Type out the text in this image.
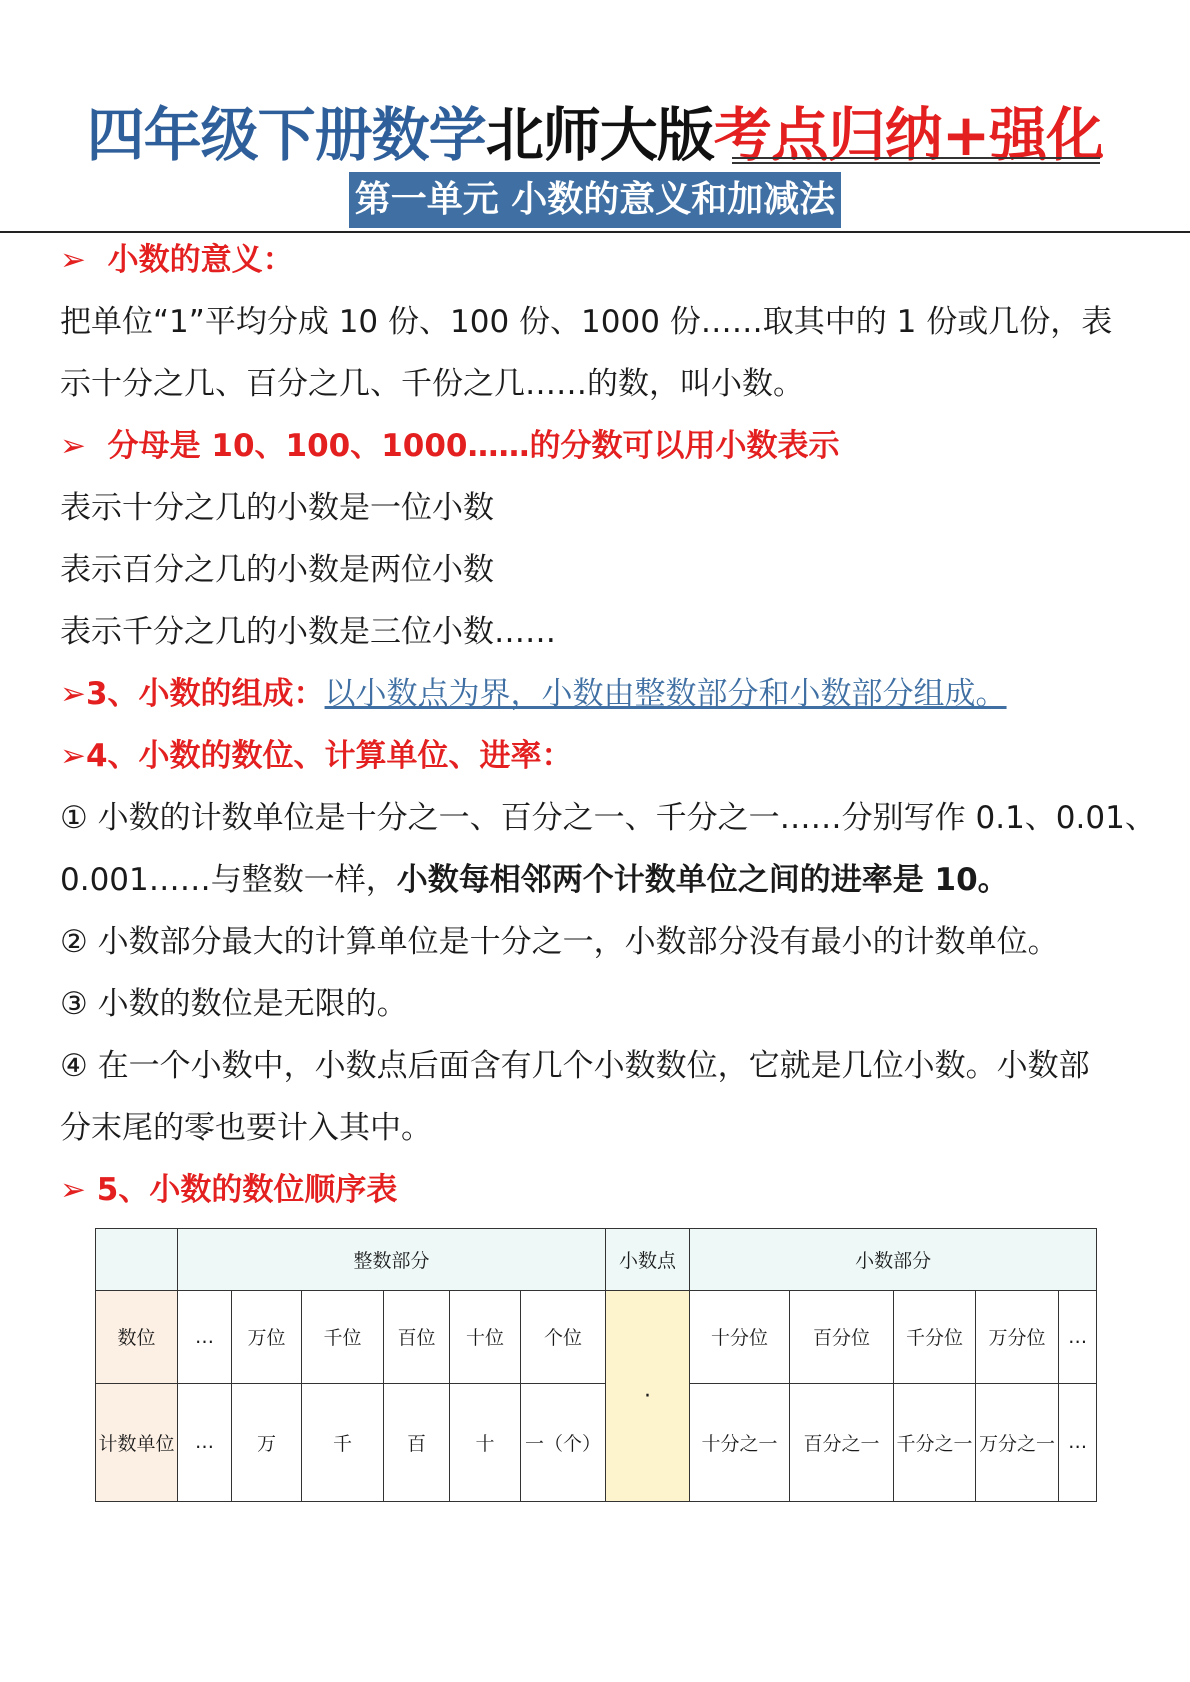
四年级下册数学北师大版考点归纳+强化
第一单元 小数的意义和加减法
➢ 小数的意义：
把单位“1”平均分成 10 份、100 份、1000 份……取其中的 1 份或几份，表
示十分之几、百分之几、千份之几……的数，叫小数。
➢ 分母是 10、100、1000……的分数可以用小数表示
表示十分之几的小数是一位小数
表示百分之几的小数是两位小数
表示千分之几的小数是三位小数……
➢3、小数的组成：以小数点为界，小数由整数部分和小数部分组成。
➢4、小数的数位、计算单位、进率：
① 小数的计数单位是十分之一、百分之一、千分之一……分别写作 0.1、0.01、
0.001……与整数一样，小数每相邻两个计数单位之间的进率是 10。
② 小数部分最大的计算单位是十分之一，小数部分没有最小的计数单位。
③ 小数的数位是无限的。
④ 在一个小数中，小数点后面含有几个小数数位，它就是几位小数。小数部
分末尾的零也要计入其中。
➢ 5、小数的数位顺序表
	整数部分						小数点	小数部分				
数位	…	万位	千位	百位	十位	个位	·	十分位	百分位	千分位	万分位	…
计数单位	…	万	千	百	十	一（个）		十分之一	百分之一	千分之一	万分之一	…
